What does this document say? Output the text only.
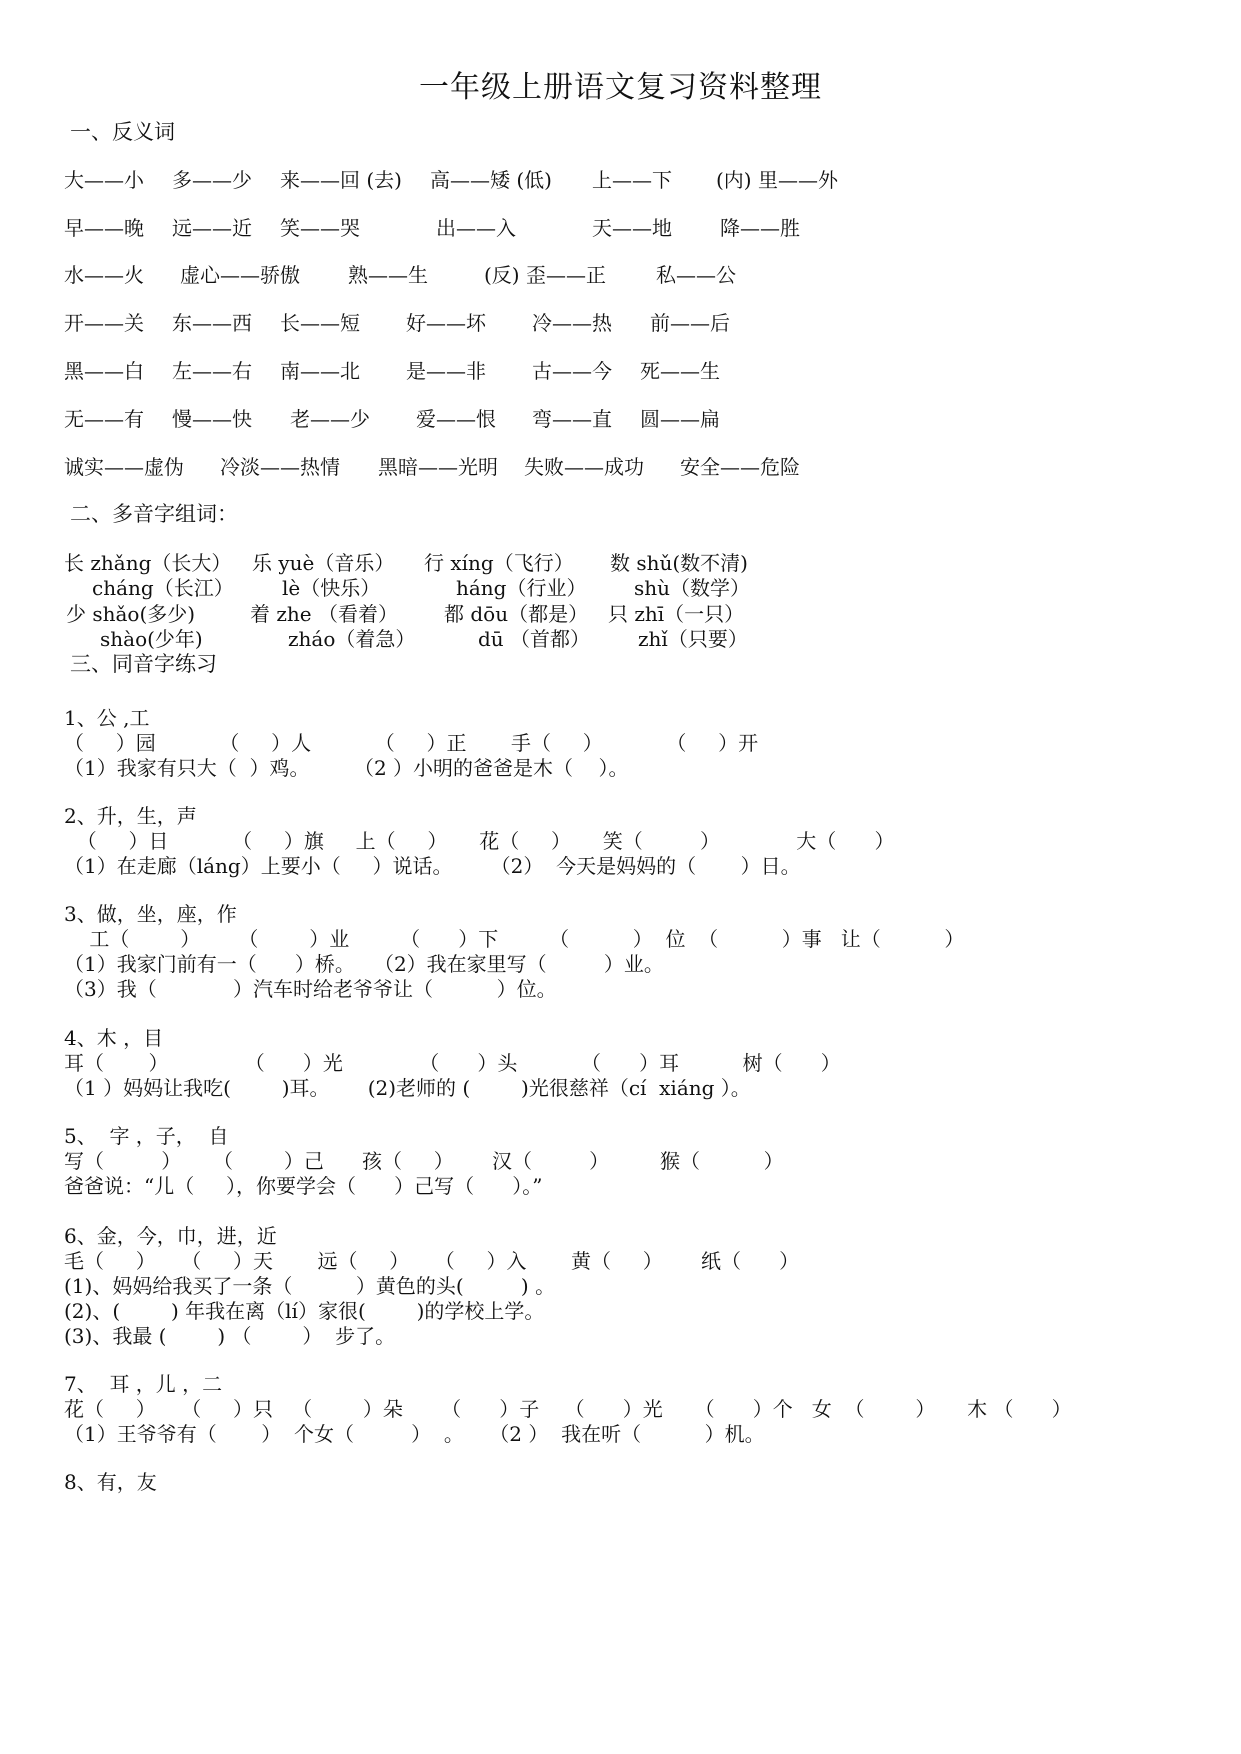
一年级上册语文复习资料整理
一、反义词
大——小 多——少 来——回 (去) 高——矮 (低) 上——下 (内) 里——外
早——晚 远——近 笑——哭	出——入	天——地 降——胜
水——火 虚心——骄傲 熟——生	(反) 歪——正	私——公
开——关 东——西 长——短 好——坏 冷——热 前——后
黑——白 左——右 南——北 是——非 古——今 死——生
无——有 慢——快 老——少 爱——恨 弯——直 圆——扁
诚实——虚伪 冷淡——热情 黑暗——光明 失败——成功 安全——危险
二、多音字组词：
长 zhǎng（长大） 乐 yuè（音乐） 行 xíng（飞行） 数 shǔ(数不清)
cháng（长江） lè（快乐）	háng（行业） shù（数学）
少 shǎo(多少)	着 zhe （看着） 都 dōu（都是） 只 zhī（一只）
shào(少年)	zháo（着急）	dū （首都） zhǐ（只要）
三、同音字练习
1、公 ,工
（     ）园          （     ）人          （     ）正       手（     ）          （     ）开
（1）我家有只大（  ）鸡。       （2 ）小明的爸爸是木（    ）。
2、升，生，声
（     ）日          （     ）旗     上（     ）     花（     ）     笑（         ）            大（      ）
（1）在走廊（láng）上要小（     ）说话。      （2）  今天是妈妈的（       ）日。
3、做，坐，座，作
工（        ）      （        ）业        （      ）下        （          ）  位  （          ）事   让（          ）
（1）我家门前有一（      ）桥。   （2）我在家里写（         ）业。
（3）我（            ）汽车时给老爷爷让（          ）位。
4、木 ，目
耳（       ）            （      ）光            （      ）头          （      ）耳          树（      ）
（1 ）妈妈让我吃(        )耳。      (2)老师的 (        )光很慈祥（cí  xiáng ）。
5、  字 ，子，  自
写（         ）     （        ）己      孩（     ）      汉（         ）        猴（          ）
爸爸说：“儿（     ），你要学会（      ）己写（      ）。”
6、金，今，巾，进，近
毛（     ）    （     ）天       远（     ）    （     ）入       黄（     ）      纸（      ）
(1)、妈妈给我买了一条（          ）黄色的头(         ) 。
(2)、(        ) 年我在离（lí）家很(        )的学校上学。
(3)、我最 (        ) （        ）  步了。
7、  耳 ，儿 ，二
花（     ）    （     ）只   （        ）朵      （      ）子    （      ）光     （      ）个   女  （        ）     木 （      ）
（1）王爷爷有（       ）  个女（         ）  。    （2 ）  我在听（          ）机。
8、有，友
